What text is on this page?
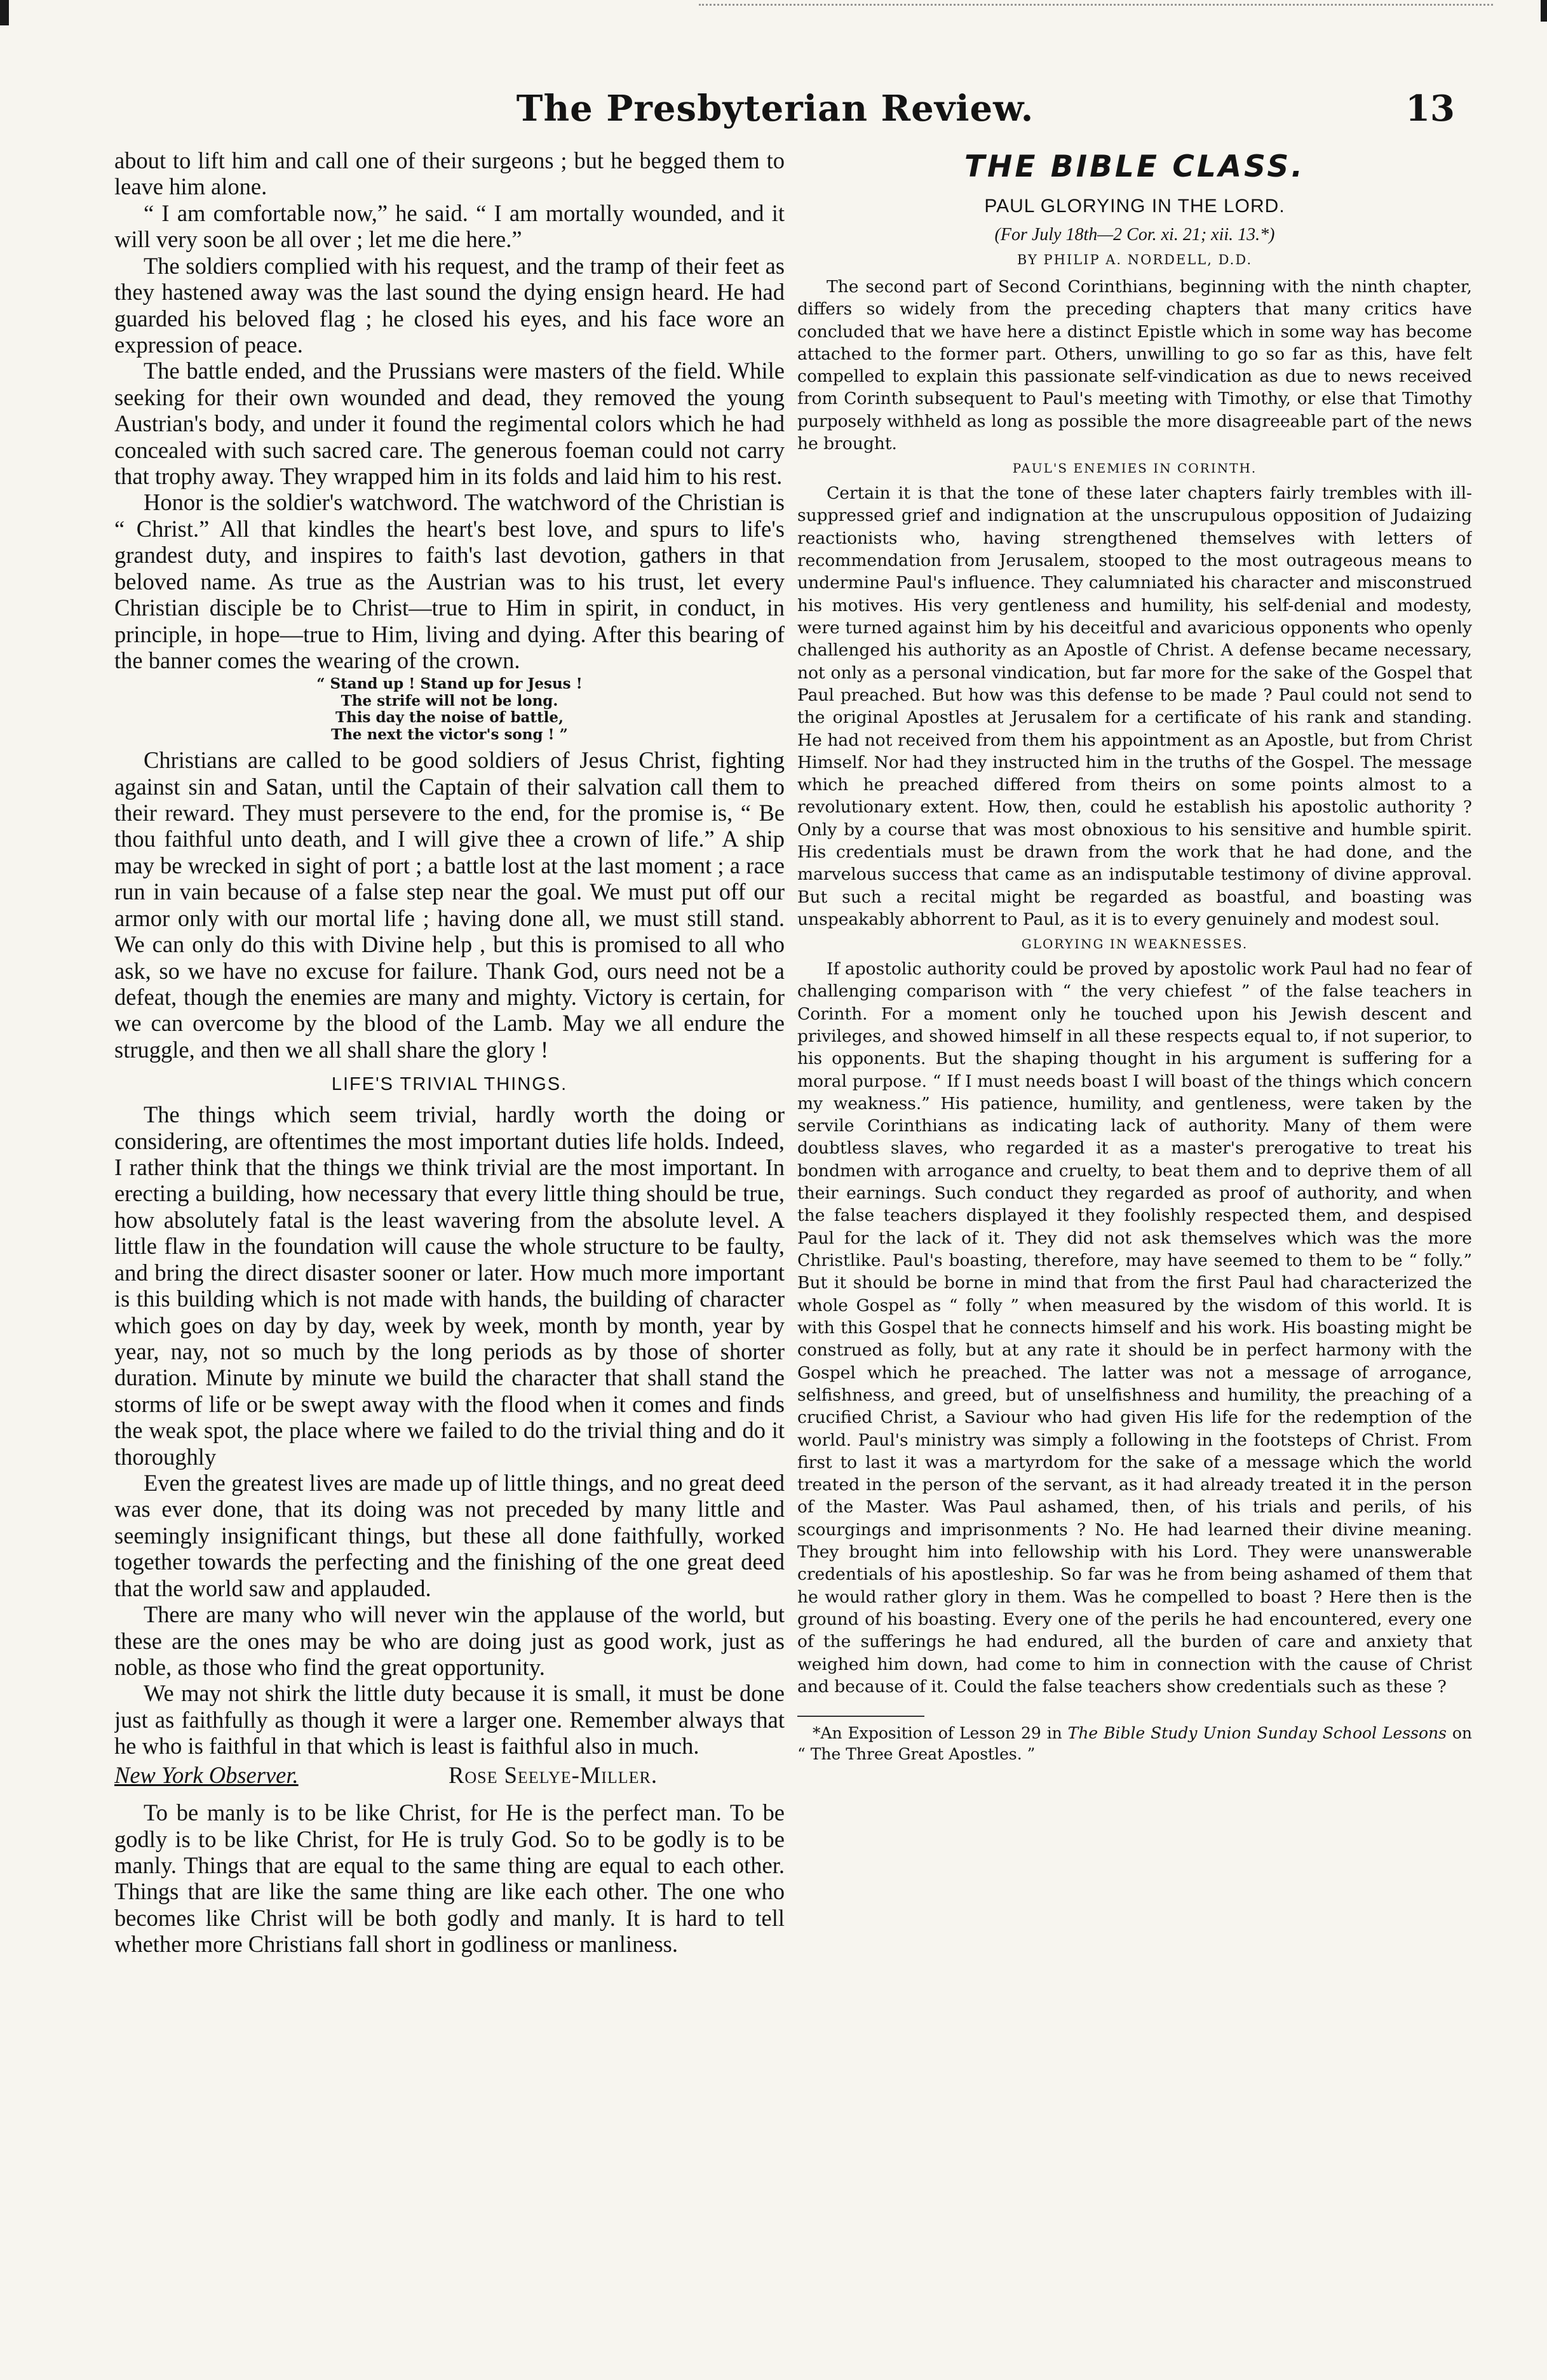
The Presbyterian Review.	13

about to lift him and call one of their surgeons ; but he begged them to leave him alone.

“ I am comfortable now,” he said. “ I am mortally wounded, and it will very soon be all over ; let me die here.”

The soldiers complied with his request, and the tramp of their feet as they hastened away was the last sound the dying ensign heard. He had guarded his beloved flag ; he closed his eyes, and his face wore an expression of peace.

The battle ended, and the Prussians were masters of the field. While seeking for their own wounded and dead, they removed the young Austrian's body, and under it found the regimental colors which he had concealed with such sacred care. The generous foeman could not carry that trophy away. They wrapped him in its folds and laid him to his rest.

Honor is the soldier's watchword. The watchword of the Christian is “ Christ.” All that kindles the heart's best love, and spurs to life's grandest duty, and inspires to faith's last devotion, gathers in that beloved name. As true as the Austrian was to his trust, let every Christian disciple be to Christ—true to Him in spirit, in conduct, in principle, in hope—true to Him, living and dying. After this bearing of the banner comes the wearing of the crown.

“ Stand up ! Stand up for Jesus !
The strife will not be long.
This day the noise of battle,
The next the victor's song ! ”

Christians are called to be good soldiers of Jesus Christ, fighting against sin and Satan, until the Captain of their salvation call them to their reward. They must persevere to the end, for the promise is, “ Be thou faithful unto death, and I will give thee a crown of life.” A ship may be wrecked in sight of port ; a battle lost at the last moment ; a race run in vain because of a false step near the goal. We must put off our armor only with our mortal life ; having done all, we must still stand. We can only do this with Divine help , but this is promised to all who ask, so we have no excuse for failure. Thank God, ours need not be a defeat, though the enemies are many and mighty. Victory is certain, for we can overcome by the blood of the Lamb. May we all endure the struggle, and then we all shall share the glory !

LIFE'S TRIVIAL THINGS.

The things which seem trivial, hardly worth the doing or considering, are oftentimes the most important duties life holds. Indeed, I rather think that the things we think trivial are the most important. In erecting a building, how necessary that every little thing should be true, how absolutely fatal is the least wavering from the absolute level. A little flaw in the foundation will cause the whole structure to be faulty, and bring the direct disaster sooner or later. How much more important is this building which is not made with hands, the building of character which goes on day by day, week by week, month by month, year by year, nay, not so much by the long periods as by those of shorter duration. Minute by minute we build the character that shall stand the storms of life or be swept away with the flood when it comes and finds the weak spot, the place where we failed to do the trivial thing and do it thoroughly

Even the greatest lives are made up of little things, and no great deed was ever done, that its doing was not preceded by many little and seemingly insignificant things, but these all done faithfully, worked together towards the perfecting and the finishing of the one great deed that the world saw and applauded.

There are many who will never win the applause of the world, but these are the ones may be who are doing just as good work, just as noble, as those who find the great opportunity.

We may not shirk the little duty because it is small, it must be done just as faithfully as though it were a larger one. Remember always that he who is faithful in that which is least is faithful also in much.

New York Observer.	Rose Seelye-Miller.

To be manly is to be like Christ, for He is the perfect man. To be godly is to be like Christ, for He is truly God. So to be godly is to be manly. Things that are equal to the same thing are equal to each other. Things that are like the same thing are like each other. The one who becomes like Christ will be both godly and manly. It is hard to tell whether more Christians fall short in godliness or manliness.

THE BIBLE CLASS.
PAUL GLORYING IN THE LORD.
(For July 18th—2 Cor. xi. 21; xii. 13.*)
BY PHILIP A. NORDELL, D.D.

The second part of Second Corinthians, beginning with the ninth chapter, differs so widely from the preceding chapters that many critics have concluded that we have here a distinct Epistle which in some way has become attached to the former part. Others, unwilling to go so far as this, have felt compelled to explain this passionate self-vindication as due to news received from Corinth subsequent to Paul's meeting with Timothy, or else that Timothy purposely withheld as long as possible the more disagreeable part of the news he brought.

PAUL'S ENEMIES IN CORINTH.

Certain it is that the tone of these later chapters fairly trembles with ill-suppressed grief and indignation at the unscrupulous opposition of Judaizing reactionists who, having strengthened themselves with letters of recommendation from Jerusalem, stooped to the most outrageous means to undermine Paul's influence. They calumniated his character and misconstrued his motives. His very gentleness and humility, his self-denial and modesty, were turned against him by his deceitful and avaricious opponents who openly challenged his authority as an Apostle of Christ. A defense became necessary, not only as a personal vindication, but far more for the sake of the Gospel that Paul preached. But how was this defense to be made ? Paul could not send to the original Apostles at Jerusalem for a certificate of his rank and standing. He had not received from them his appointment as an Apostle, but from Christ Himself. Nor had they instructed him in the truths of the Gospel. The message which he preached differed from theirs on some points almost to a revolutionary extent. How, then, could he establish his apostolic authority ? Only by a course that was most obnoxious to his sensitive and humble spirit. His credentials must be drawn from the work that he had done, and the marvelous success that came as an indisputable testimony of divine approval. But such a recital might be regarded as boastful, and boasting was unspeakably abhorrent to Paul, as it is to every genuinely and modest soul.

GLORYING IN WEAKNESSES.

If apostolic authority could be proved by apostolic work Paul had no fear of challenging comparison with “ the very chiefest ” of the false teachers in Corinth. For a moment only he touched upon his Jewish descent and privileges, and showed himself in all these respects equal to, if not superior, to his opponents. But the shaping thought in his argument is suffering for a moral purpose. “ If I must needs boast I will boast of the things which concern my weakness.” His patience, humility, and gentleness, were taken by the servile Corinthians as indicating lack of authority. Many of them were doubtless slaves, who regarded it as a master's prerogative to treat his bondmen with arrogance and cruelty, to beat them and to deprive them of all their earnings. Such conduct they regarded as proof of authority, and when the false teachers displayed it they foolishly respected them, and despised Paul for the lack of it. They did not ask themselves which was the more Christlike. Paul's boasting, therefore, may have seemed to them to be “ folly.” But it should be borne in mind that from the first Paul had characterized the whole Gospel as “ folly ” when measured by the wisdom of this world. It is with this Gospel that he connects himself and his work. His boasting might be construed as folly, but at any rate it should be in perfect harmony with the Gospel which he preached. The latter was not a message of arrogance, selfishness, and greed, but of unselfishness and humility, the preaching of a crucified Christ, a Saviour who had given His life for the redemption of the world. Paul's ministry was simply a following in the footsteps of Christ. From first to last it was a martyrdom for the sake of a message which the world treated in the person of the servant, as it had already treated it in the person of the Master. Was Paul ashamed, then, of his trials and perils, of his scourgings and imprisonments ? No. He had learned their divine meaning. They brought him into fellowship with his Lord. They were unanswerable credentials of his apostleship. So far was he from being ashamed of them that he would rather glory in them. Was he compelled to boast ? Here then is the ground of his boasting. Every one of the perils he had encountered, every one of the sufferings he had endured, all the burden of care and anxiety that weighed him down, had come to him in connection with the cause of Christ and because of it. Could the false teachers show credentials such as these ?

*An Exposition of Lesson 29 in The Bible Study Union Sunday School Lessons on “ The Three Great Apostles. ”
